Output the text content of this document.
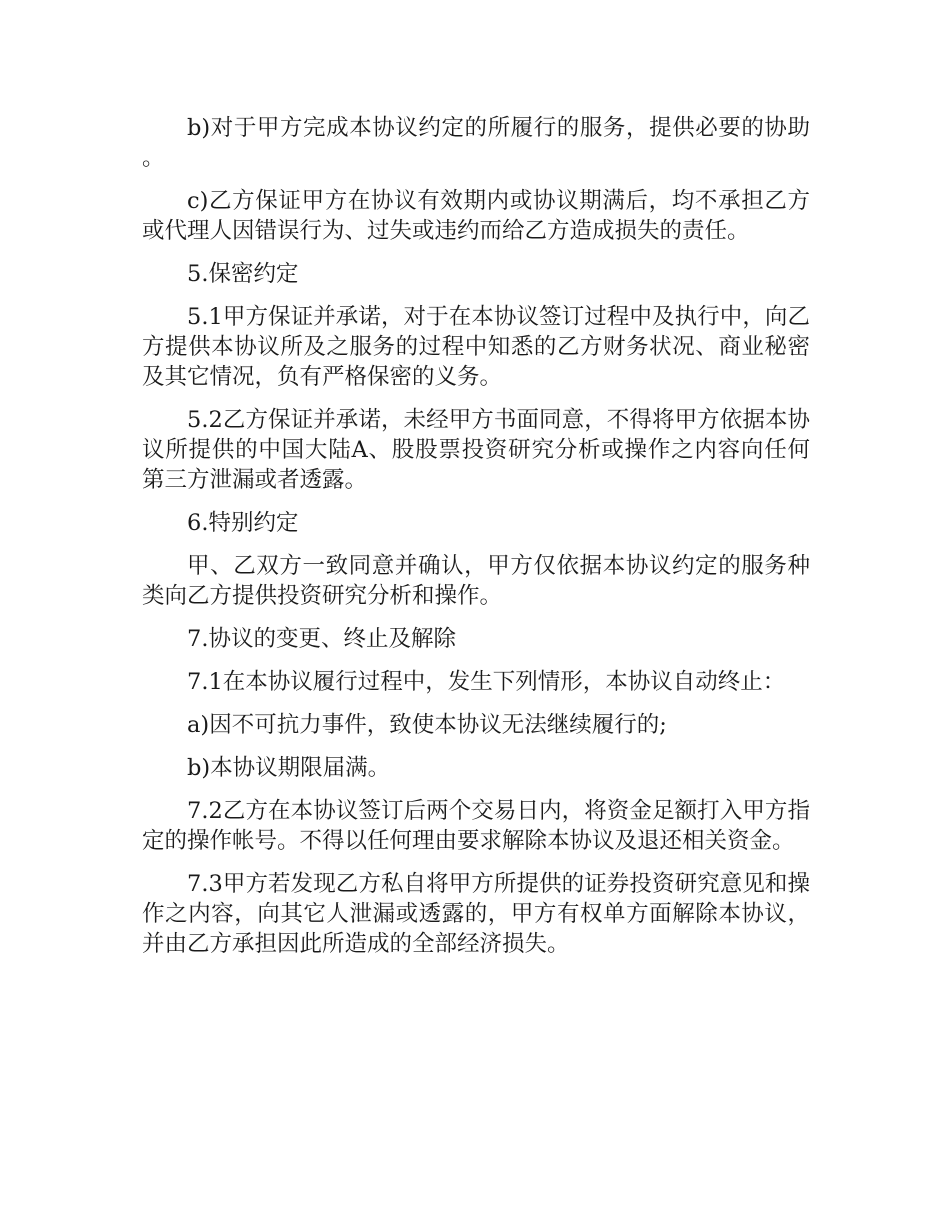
b)对于甲方完成本协议约定的所履行的服务，提供必要的协助。

c)乙方保证甲方在协议有效期内或协议期满后，均不承担乙方或代理人因错误行为、过失或违约而给乙方造成损失的责任。

5.保密约定

5.1甲方保证并承诺，对于在本协议签订过程中及执行中，向乙方提供本协议所及之服务的过程中知悉的乙方财务状况、商业秘密及其它情况，负有严格保密的义务。

5.2乙方保证并承诺，未经甲方书面同意，不得将甲方依据本协议所提供的中国大陆A、股股票投资研究分析或操作之内容向任何第三方泄漏或者透露。

6.特别约定

甲、乙双方一致同意并确认，甲方仅依据本协议约定的服务种类向乙方提供投资研究分析和操作。

7.协议的变更、终止及解除

7.1在本协议履行过程中，发生下列情形，本协议自动终止：

a)因不可抗力事件，致使本协议无法继续履行的;

b)本协议期限届满。

7.2乙方在本协议签订后两个交易日内，将资金足额打入甲方指定的操作帐号。不得以任何理由要求解除本协议及退还相关资金。

7.3甲方若发现乙方私自将甲方所提供的证券投资研究意见和操作之内容，向其它人泄漏或透露的，甲方有权单方面解除本协议，并由乙方承担因此所造成的全部经济损失。
